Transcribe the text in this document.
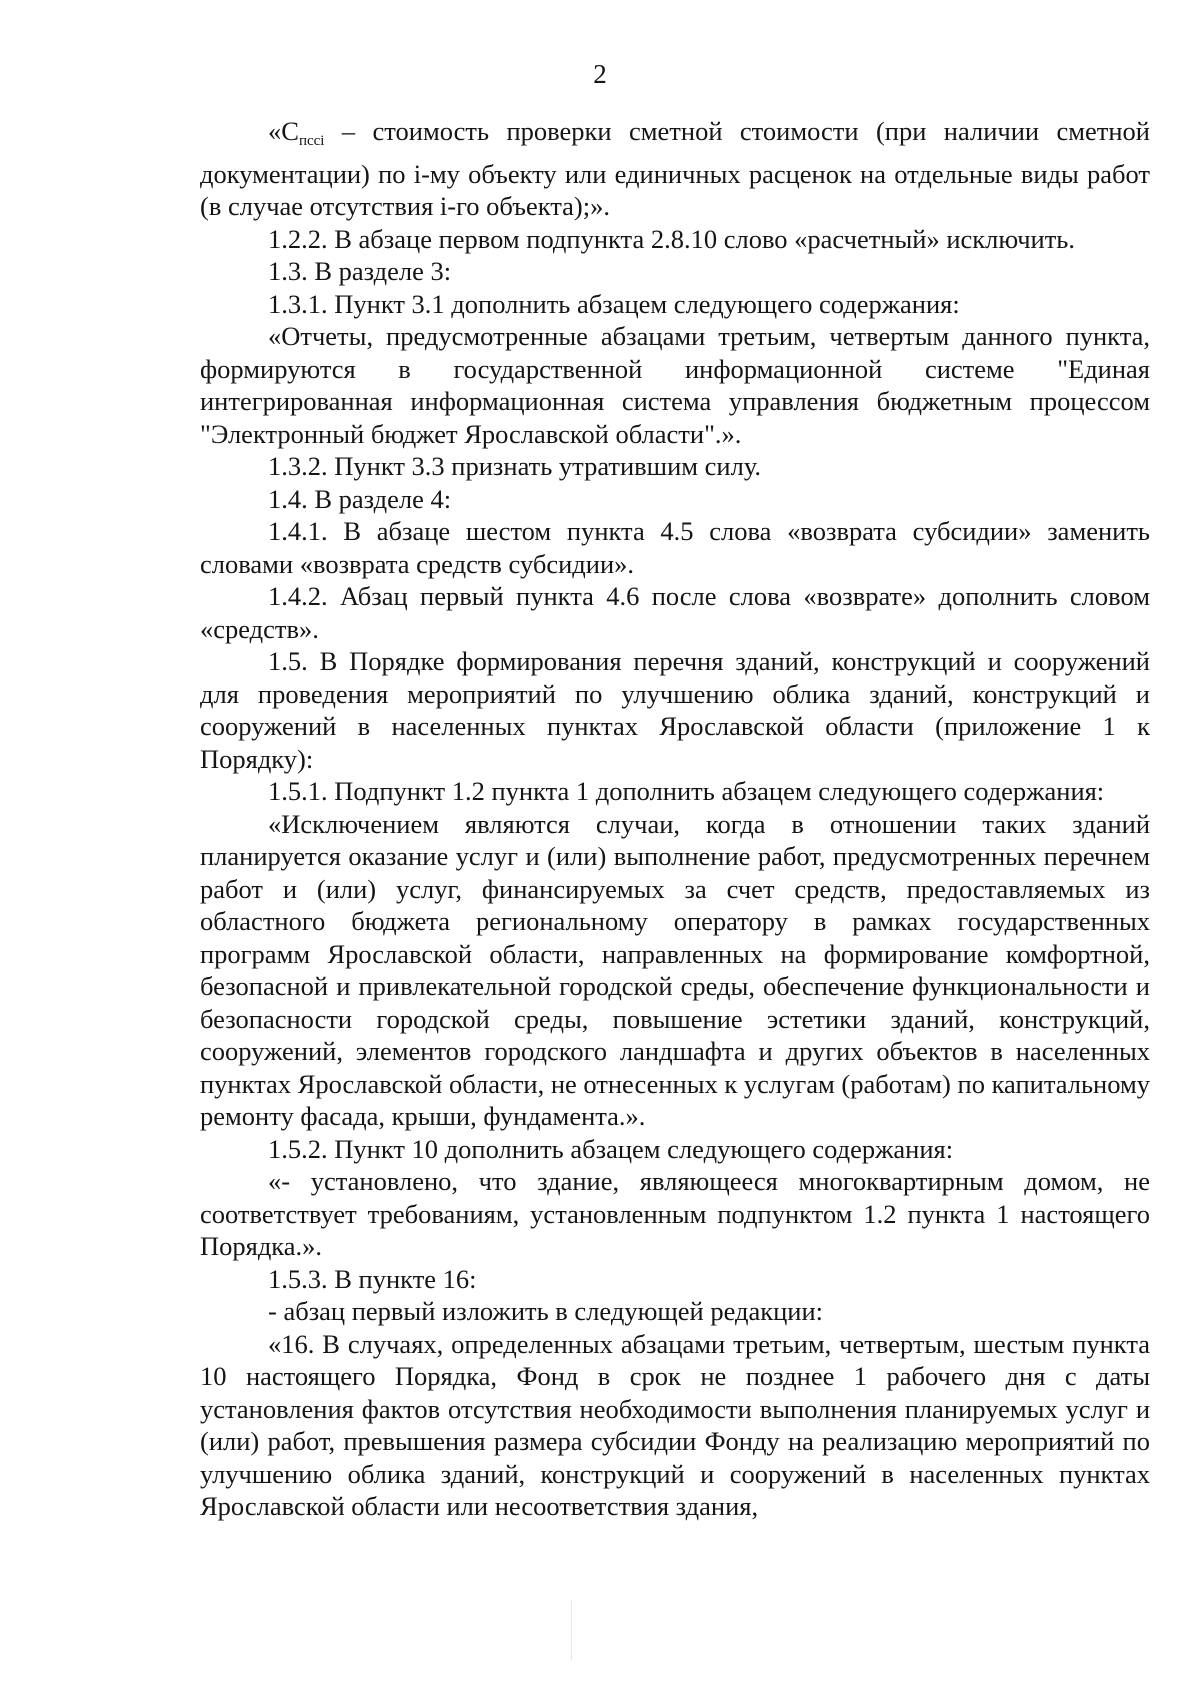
2

«$C_{пссi}$ – стоимость проверки сметной стоимости (при наличии сметной документации) по i-му объекту или единичных расценок на отдельные виды работ (в случае отсутствия i-го объекта);».

1.2.2. В абзаце первом подпункта 2.8.10 слово «расчетный» исключить.

1.3. В разделе 3:

1.3.1. Пункт 3.1 дополнить абзацем следующего содержания:

«Отчеты, предусмотренные абзацами третьим, четвертым данного пункта, формируются в государственной информационной системе "Единая интегрированная информационная система управления бюджетным процессом "Электронный бюджет Ярославской области".».

1.3.2. Пункт 3.3 признать утратившим силу.

1.4. В разделе 4:

1.4.1. В абзаце шестом пункта 4.5 слова «возврата субсидии» заменить словами «возврата средств субсидии».

1.4.2. Абзац первый пункта 4.6 после слова «возврате» дополнить словом «средств».

1.5. В Порядке формирования перечня зданий, конструкций и сооружений для проведения мероприятий по улучшению облика зданий, конструкций и сооружений в населенных пунктах Ярославской области (приложение 1 к Порядку):

1.5.1. Подпункт 1.2 пункта 1 дополнить абзацем следующего содержания:

«Исключением являются случаи, когда в отношении таких зданий планируется оказание услуг и (или) выполнение работ, предусмотренных перечнем работ и (или) услуг, финансируемых за счет средств, предоставляемых из областного бюджета региональному оператору в рамках государственных программ Ярославской области, направленных на формирование комфортной, безопасной и привлекательной городской среды, обеспечение функциональности и безопасности городской среды, повышение эстетики зданий, конструкций, сооружений, элементов городского ландшафта и других объектов в населенных пунктах Ярославской области, не отнесенных к услугам (работам) по капитальному ремонту фасада, крыши, фундамента.».

1.5.2. Пункт 10 дополнить абзацем следующего содержания:

«- установлено, что здание, являющееся многоквартирным домом, не соответствует требованиям, установленным подпунктом 1.2 пункта 1 настоящего Порядка.».

1.5.3. В пункте 16:

- абзац первый изложить в следующей редакции:

«16. В случаях, определенных абзацами третьим, четвертым, шестым пункта 10 настоящего Порядка, Фонд в срок не позднее 1 рабочего дня с даты установления фактов отсутствия необходимости выполнения планируемых услуг и (или) работ, превышения размера субсидии Фонду на реализацию мероприятий по улучшению облика зданий, конструкций и сооружений в населенных пунктах Ярославской области или несоответствия здания,
